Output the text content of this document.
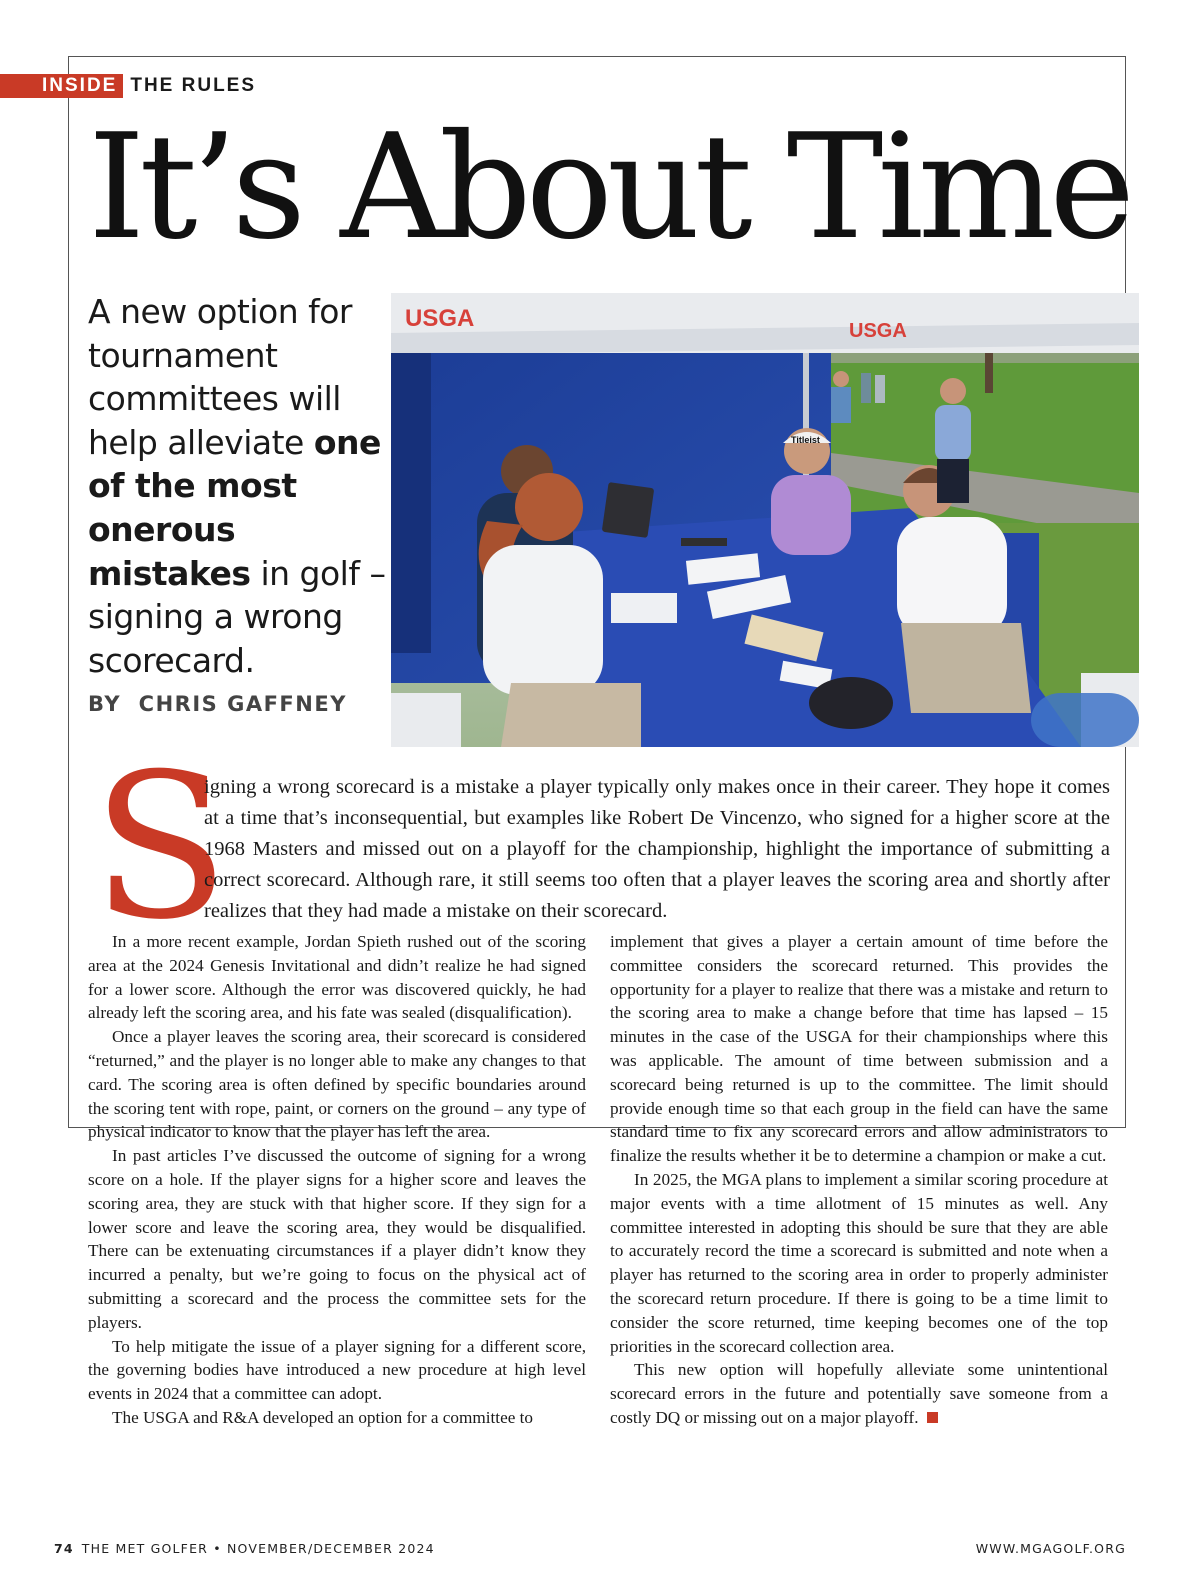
INSIDE THE RULES
It’s About Time
A new option for tournament committees will help alleviate one of the most onerous mistakes in golf – signing a wrong scorecard.
BY  CHRIS GAFFNEY
USGA	USGA
Titleist
S
igning a wrong scorecard is a mistake a player typically only makes once in their career. They hope it comes at a time that’s inconsequential, but examples like Robert De Vincenzo, who signed for a higher score at the 1968 Masters and missed out on a playoff for the championship, highlight the importance of submitting a correct scorecard. Although rare, it still seems too often that a player leaves the scoring area and shortly after realizes that they had made a mistake on their scorecard.

In a more recent example, Jordan Spieth rushed out of the scoring area at the 2024 Genesis Invitational and didn’t realize he had signed for a lower score. Although the error was discovered quickly, he had already left the scoring area, and his fate was sealed (disqualification).

Once a player leaves the scoring area, their scorecard is considered “returned,” and the player is no longer able to make any changes to that card. The scoring area is often defined by specific boundaries around the scoring tent with rope, paint, or corners on the ground – any type of physical indicator to know that the player has left the area.

In past articles I’ve discussed the outcome of signing for a wrong score on a hole. If the player signs for a higher score and leaves the scoring area, they are stuck with that higher score. If they sign for a lower score and leave the scoring area, they would be disqualified. There can be extenuating circumstances if a player didn’t know they incurred a penalty, but we’re going to focus on the physical act of submitting a scorecard and the process the committee sets for the players.

To help mitigate the issue of a player signing for a different score, the governing bodies have introduced a new procedure at high level events in 2024 that a committee can adopt.

The USGA and R&A developed an option for a committee to

implement that gives a player a certain amount of time before the committee considers the scorecard returned. This provides the opportunity for a player to realize that there was a mistake and return to the scoring area to make a change before that time has lapsed – 15 minutes in the case of the USGA for their championships where this was applicable. The amount of time between submission and a scorecard being returned is up to the committee. The limit should provide enough time so that each group in the field can have the same standard time to fix any scorecard errors and allow administrators to finalize the results whether it be to determine a champion or make a cut.

In 2025, the MGA plans to implement a similar scoring procedure at major events with a time allotment of 15 minutes as well. Any committee interested in adopting this should be sure that they are able to accurately record the time a scorecard is submitted and note when a player has returned to the scoring area in order to properly administer the scorecard return procedure. If there is going to be a time limit to consider the score returned, time keeping becomes one of the top priorities in the scorecard collection area.

This new option will hopefully alleviate some unintentional scorecard errors in the future and potentially save someone from a costly DQ or missing out on a major playoff.

74 THE MET GOLFER • NOVEMBER/DECEMBER 2024	WWW.MGAGOLF.ORG
